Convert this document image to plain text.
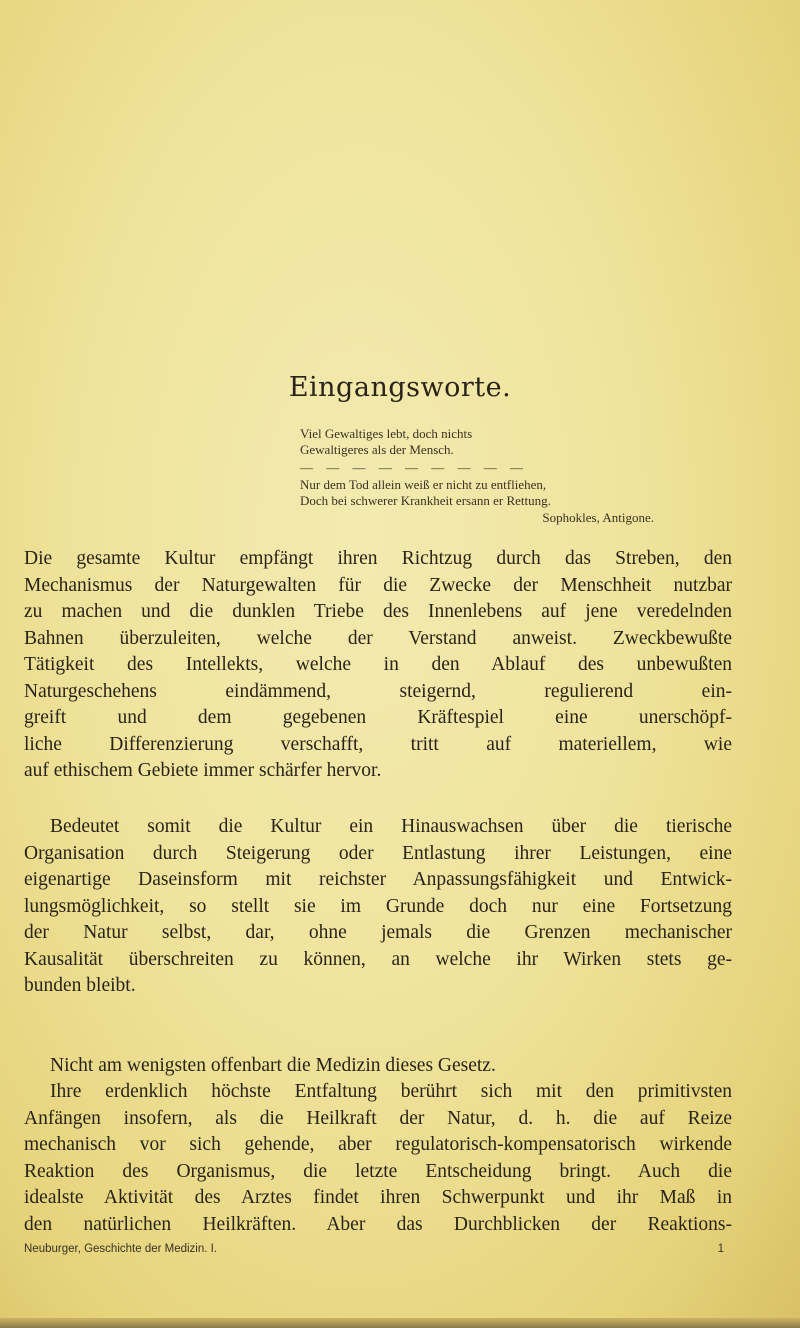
Eingangsworte.
Viel Gewaltiges lebt, doch nichts
Gewaltigeres als der Mensch.
— — — — — — — — —
Nur dem Tod allein weiß er nicht zu entfliehen,
Doch bei schwerer Krankheit ersann er Rettung.
Sophokles, Antigone.
Die gesamte Kultur empfängt ihren Richtzug durch das Streben, den
Mechanismus der Naturgewalten für die Zwecke der Menschheit nutzbar
zu machen und die dunklen Triebe des Innenlebens auf jene veredelnden
Bahnen überzuleiten, welche der Verstand anweist. Zweckbewußte
Tätigkeit des Intellekts, welche in den Ablauf des unbewußten
Naturgeschehens eindämmend, steigernd, regulierend ein-
greift und dem gegebenen Kräftespiel eine unerschöpf-
liche Differenzierung verschafft, tritt auf materiellem, wie
auf ethischem Gebiete immer schärfer hervor.
Bedeutet somit die Kultur ein Hinauswachsen über die tierische
Organisation durch Steigerung oder Entlastung ihrer Leistungen, eine
eigenartige Daseinsform mit reichster Anpassungsfähigkeit und Entwick-
lungsmöglichkeit, so stellt sie im Grunde doch nur eine Fortsetzung
der Natur selbst, dar, ohne jemals die Grenzen mechanischer
Kausalität überschreiten zu können, an welche ihr Wirken stets ge-
bunden bleibt.
Nicht am wenigsten offenbart die Medizin dieses Gesetz.
Ihre erdenklich höchste Entfaltung berührt sich mit den primitivsten
Anfängen insofern, als die Heilkraft der Natur, d. h. die auf Reize
mechanisch vor sich gehende, aber regulatorisch-kompensatorisch wirkende
Reaktion des Organismus, die letzte Entscheidung bringt. Auch die
idealste Aktivität des Arztes findet ihren Schwerpunkt und ihr Maß in
den natürlichen Heilkräften. Aber das Durchblicken der Reaktions-
Neuburger, Geschichte der Medizin. I.	1
